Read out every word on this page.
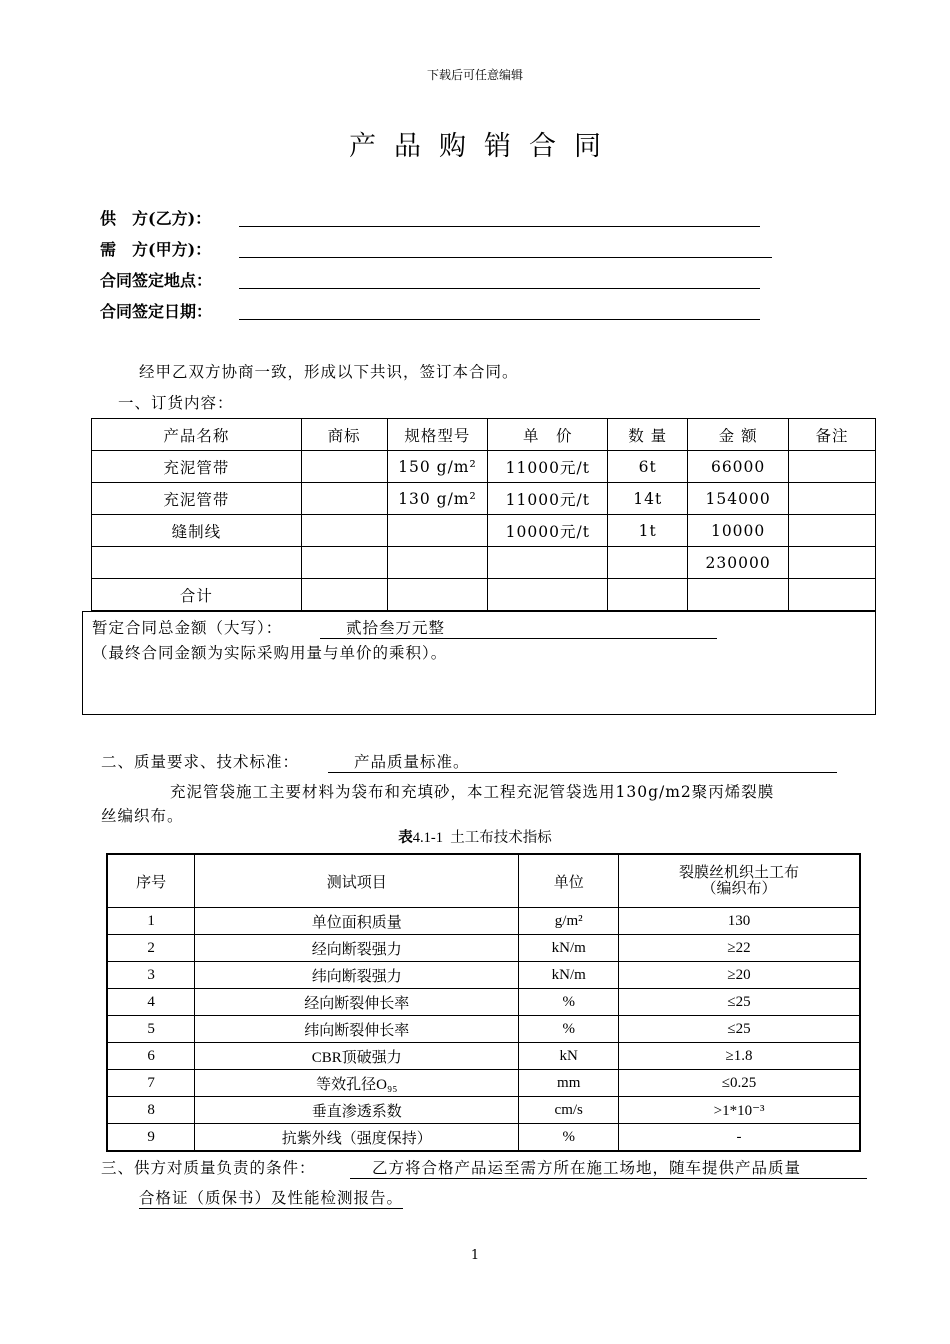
下载后可任意编辑
产品购销合同
供　方(乙方)：
需　方(甲方)：
合同签定地点：
合同签定日期：
经甲乙双方协商一致，形成以下共识，签订本合同。
一、订货内容：
产品名称	商标	规格型号	单　价	数 量	金 额	备注
充泥管带		150 g/m²	11000元/t	6t	66000	
充泥管带		130 g/m²	11000元/t	14t	154000	
缝制线			10000元/t	1t	10000	
					230000	
合计						
暂定合同总金额（大写）：	贰拾叁万元整
（最终合同金额为实际采购用量与单价的乘积）。
二、质量要求、技术标准：	产品质量标准。
充泥管袋施工主要材料为袋布和充填砂，本工程充泥管袋选用130g/m2聚丙烯裂膜
丝编织布。
表4.1-1 土工布技术指标
序号	测试项目	单位	裂膜丝机织土工布
（编织布）

1	单位面积质量	g/m²	130
2	经向断裂强力	kN/m	≥22
3	纬向断裂强力	kN/m	≥20
4	经向断裂伸长率	%	≤25
5	纬向断裂伸长率	%	≤25
6	CBR顶破强力	kN	≥1.8
7	等效孔径O₉₅	mm	≤0.25
8	垂直渗透系数	cm/s	>1*10⁻³
9	抗紫外线（强度保持）	%	-
三、供方对质量负责的条件：	乙方将合格产品运至需方所在施工场地，随车提供产品质量
合格证（质保书）及性能检测报告。
1
